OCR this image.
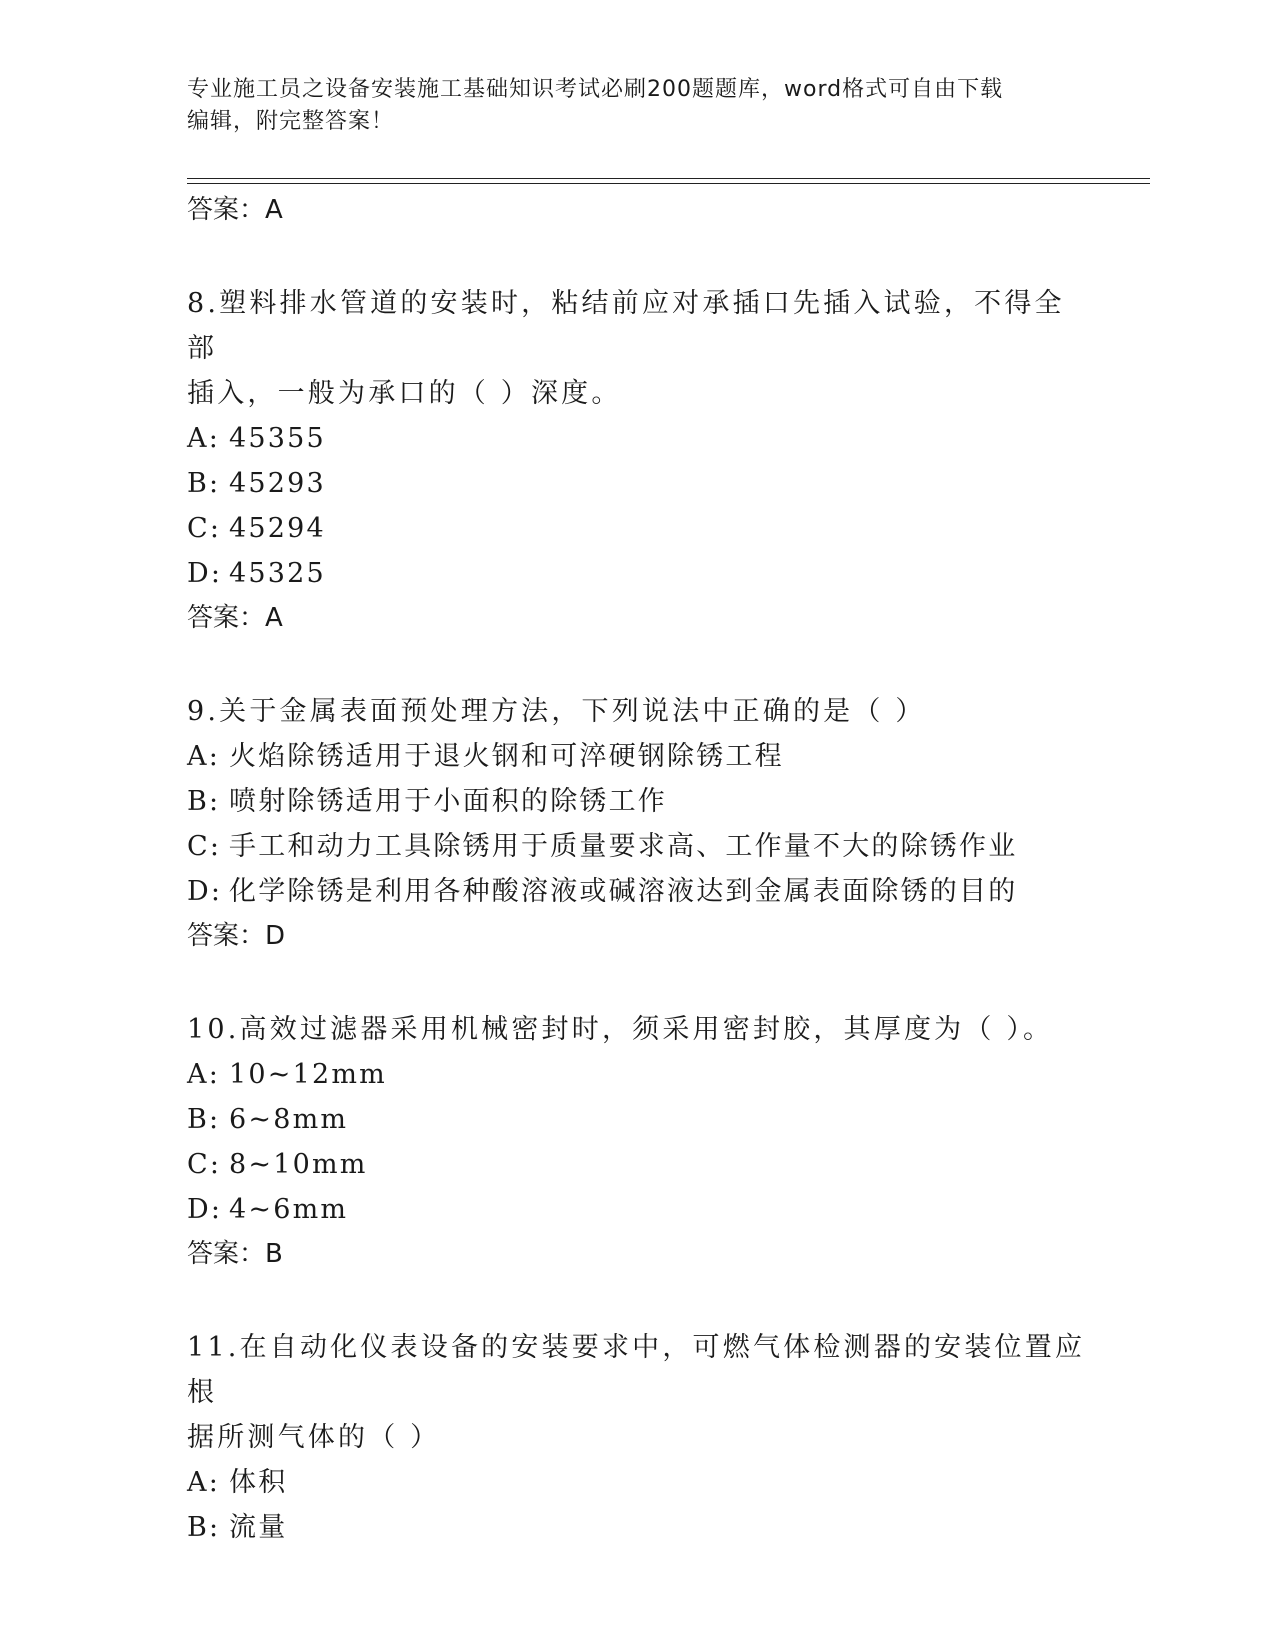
专业施工员之设备安装施工基础知识考试必刷200题题库，word格式可自由下载
编辑，附完整答案！
答案：A
8.塑料排水管道的安装时，粘结前应对承插口先插入试验，不得全部
插入，一般为承口的（ ）深度。
A: 45355
B: 45293
C: 45294
D: 45325
答案：A
9.关于金属表面预处理方法，下列说法中正确的是（ ）
A: 火焰除锈适用于退火钢和可淬硬钢除锈工程
B: 喷射除锈适用于小面积的除锈工作
C: 手工和动力工具除锈用于质量要求高、工作量不大的除锈作业
D: 化学除锈是利用各种酸溶液或碱溶液达到金属表面除锈的目的
答案：D
10.高效过滤器采用机械密封时，须采用密封胶，其厚度为（ ）。
A: 10~12mm
B: 6~8mm
C: 8~10mm
D: 4~6mm
答案：B
11.在自动化仪表设备的安装要求中，可燃气体检测器的安装位置应根
据所测气体的（ ）
A: 体积
B: 流量
